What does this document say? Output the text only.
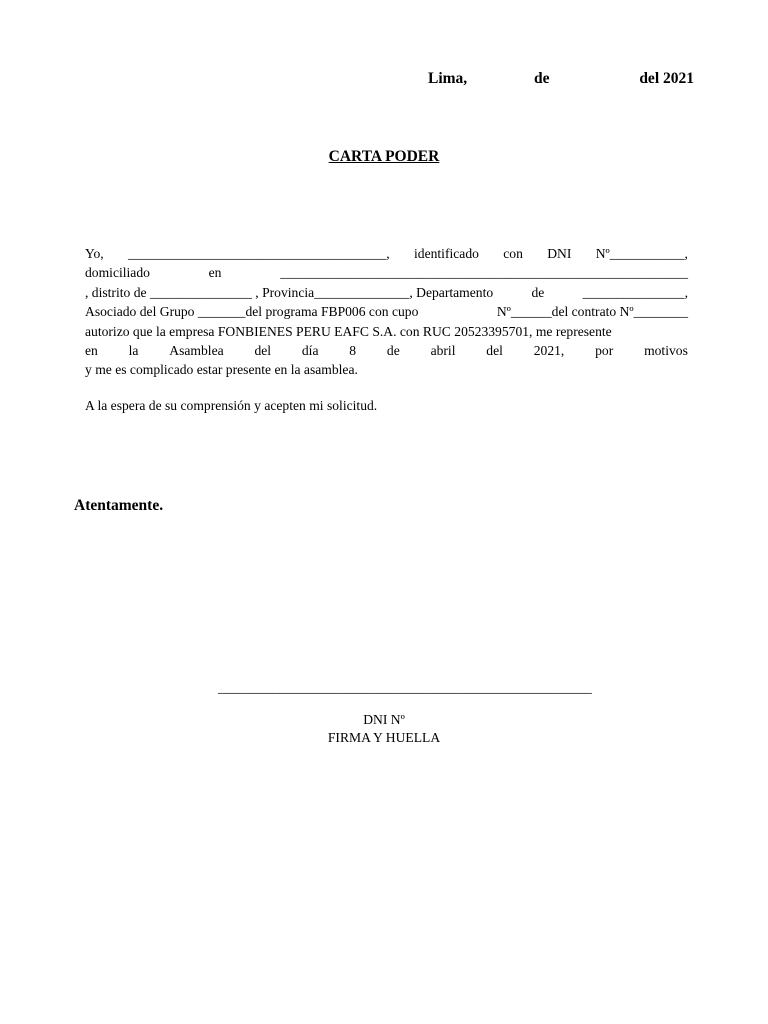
Lima,	de	del 2021
CARTA PODER
Yo, ______________________________________, identificado con DNI Nº___________,
domiciliado	en	____________________________________________________________
, distrito de _______________ , Provincia______________, Departamento	de	_______________,
Asociado del Grupo _______del programa FBP006 con cupo	Nº______del contrato Nº________
autorizo que la empresa FONBIENES PERU EAFC S.A. con RUC 20523395701, me represente
en la Asamblea del día 8 de abril del 2021, por motivos
y me es complicado estar presente en la asamblea.
A la espera de su comprensión y acepten mi solicitud.
Atentamente.
_______________________________________________________
DNI Nº
FIRMA Y HUELLA
